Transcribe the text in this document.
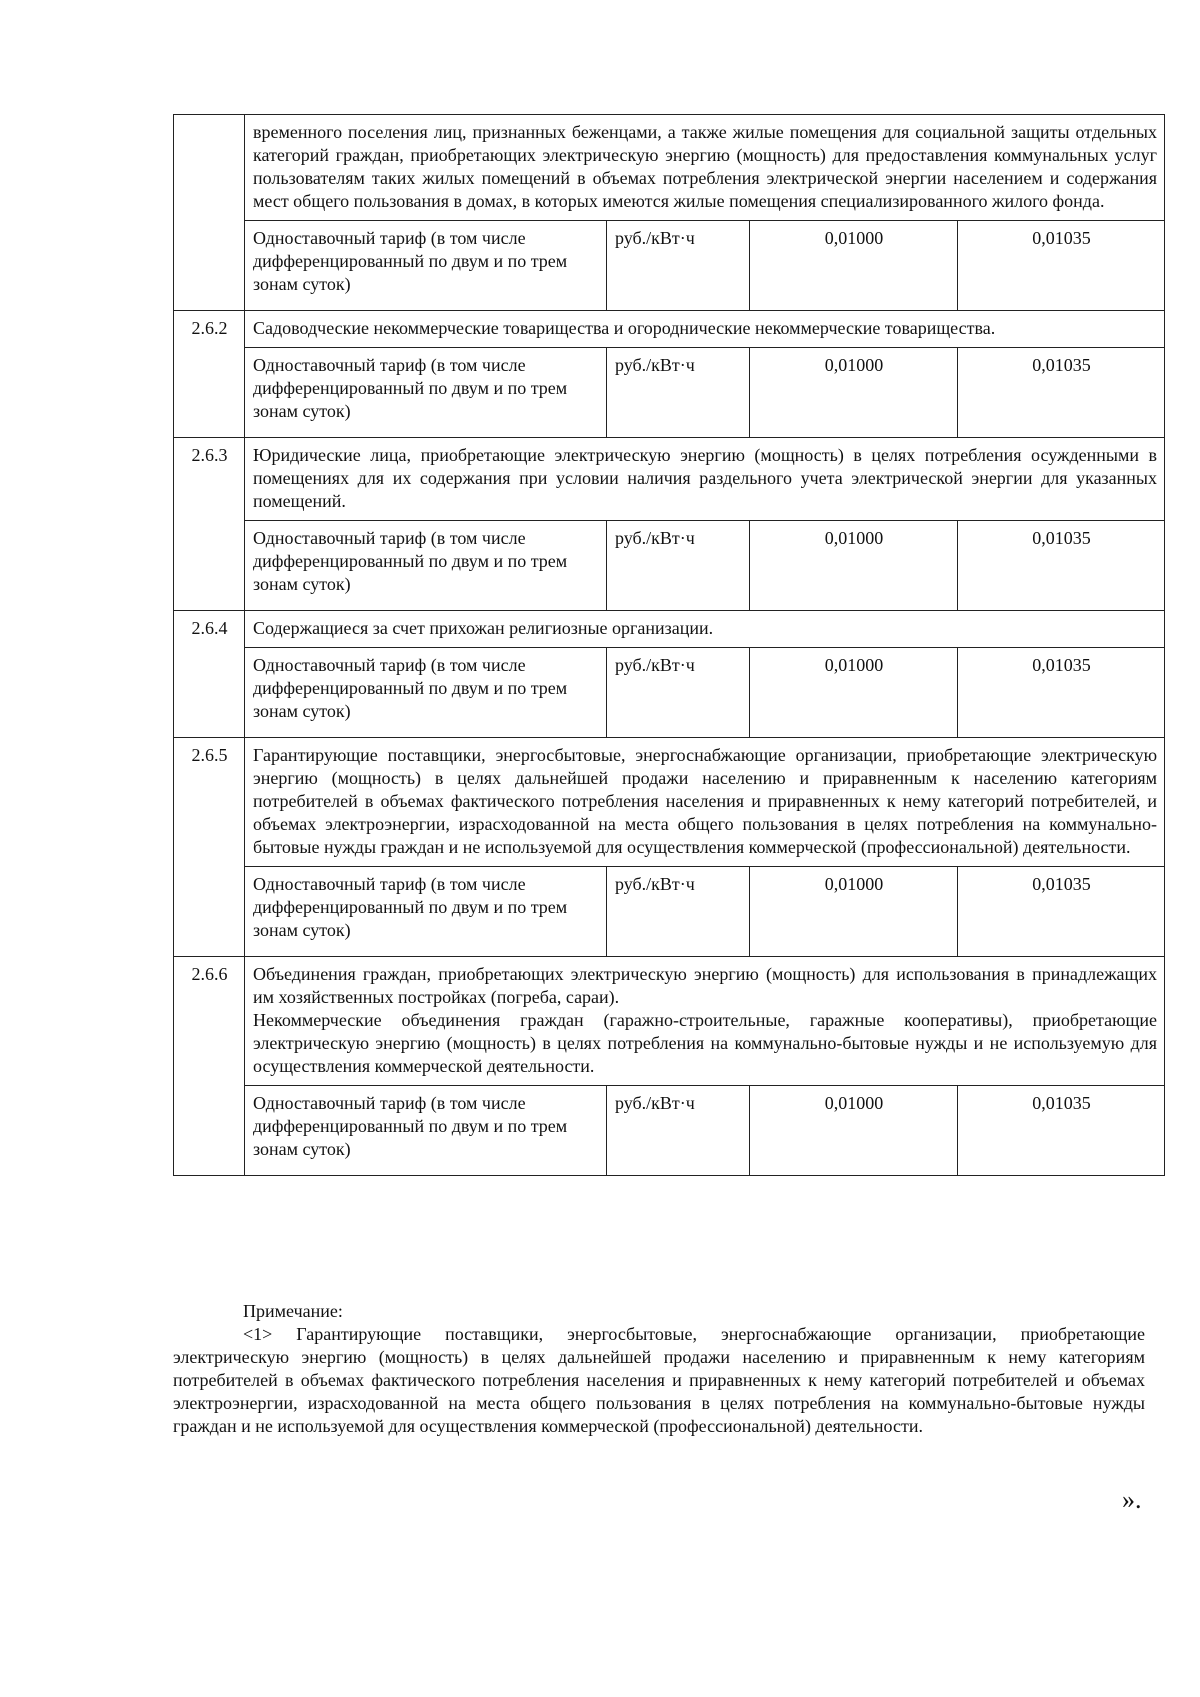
	временного поселения лиц, признанных беженцами, а также жилые помещения для социальной защиты отдельных категорий граждан, приобретающих электрическую энергию (мощность) для предоставления коммунальных услуг пользователям таких жилых помещений в объемах потребления электрической энергии населением и содержания мест общего пользования в домах, в которых имеются жилые помещения специализированного жилого фонда.			
	Одноставочный тариф (в том числе дифференцированный по двум и по трем зонам суток)	руб./кВт·ч	0,01000	0,01035
2.6.2	Садоводческие некоммерческие товарищества и огороднические некоммерческие товарищества.			
	Одноставочный тариф (в том числе дифференцированный по двум и по трем зонам суток)	руб./кВт·ч	0,01000	0,01035
2.6.3	Юридические лица, приобретающие электрическую энергию (мощность) в целях потребления осужденными в помещениях для их содержания при условии наличия раздельного учета электрической энергии для указанных помещений.			
	Одноставочный тариф (в том числе дифференцированный по двум и по трем зонам суток)	руб./кВт·ч	0,01000	0,01035
2.6.4	Содержащиеся за счет прихожан религиозные организации.			
	Одноставочный тариф (в том числе дифференцированный по двум и по трем зонам суток)	руб./кВт·ч	0,01000	0,01035
2.6.5	Гарантирующие поставщики, энергосбытовые, энергоснабжающие организации, приобретающие электрическую энергию (мощность) в целях дальнейшей продажи населению и приравненным к населению категориям потребителей в объемах фактического потребления населения и приравненных к нему категорий потребителей, и объемах электроэнергии, израсходованной на места общего пользования в целях потребления на коммунально-бытовые нужды граждан и не используемой для осуществления коммерческой (профессиональной) деятельности.			
	Одноставочный тариф (в том числе дифференцированный по двум и по трем зонам суток)	руб./кВт·ч	0,01000	0,01035
2.6.6	Объединения граждан, приобретающих электрическую энергию (мощность) для использования в принадлежащих им хозяйственных постройках (погреба, сараи).
Некоммерческие объединения граждан (гаражно-строительные, гаражные кооперативы), приобретающие электрическую энергию (мощность) в целях потребления на коммунально-бытовые нужды и не используемую для осуществления коммерческой деятельности.			

	Одноставочный тариф (в том числе дифференцированный по двум и по трем зонам суток)	руб./кВт·ч	0,01000	0,01035
Примечание:
<1> Гарантирующие поставщики, энергосбытовые, энергоснабжающие организации, приобретающие электрическую энергию (мощность) в целях дальнейшей продажи населению и приравненным к нему категориям потребителей в объемах фактического потребления населения и приравненных к нему категорий потребителей и объемах электроэнергии, израсходованной на места общего пользования в целях потребления на коммунально-бытовые нужды граждан и не используемой для осуществления коммерческой (профессиональной) деятельности.
».
